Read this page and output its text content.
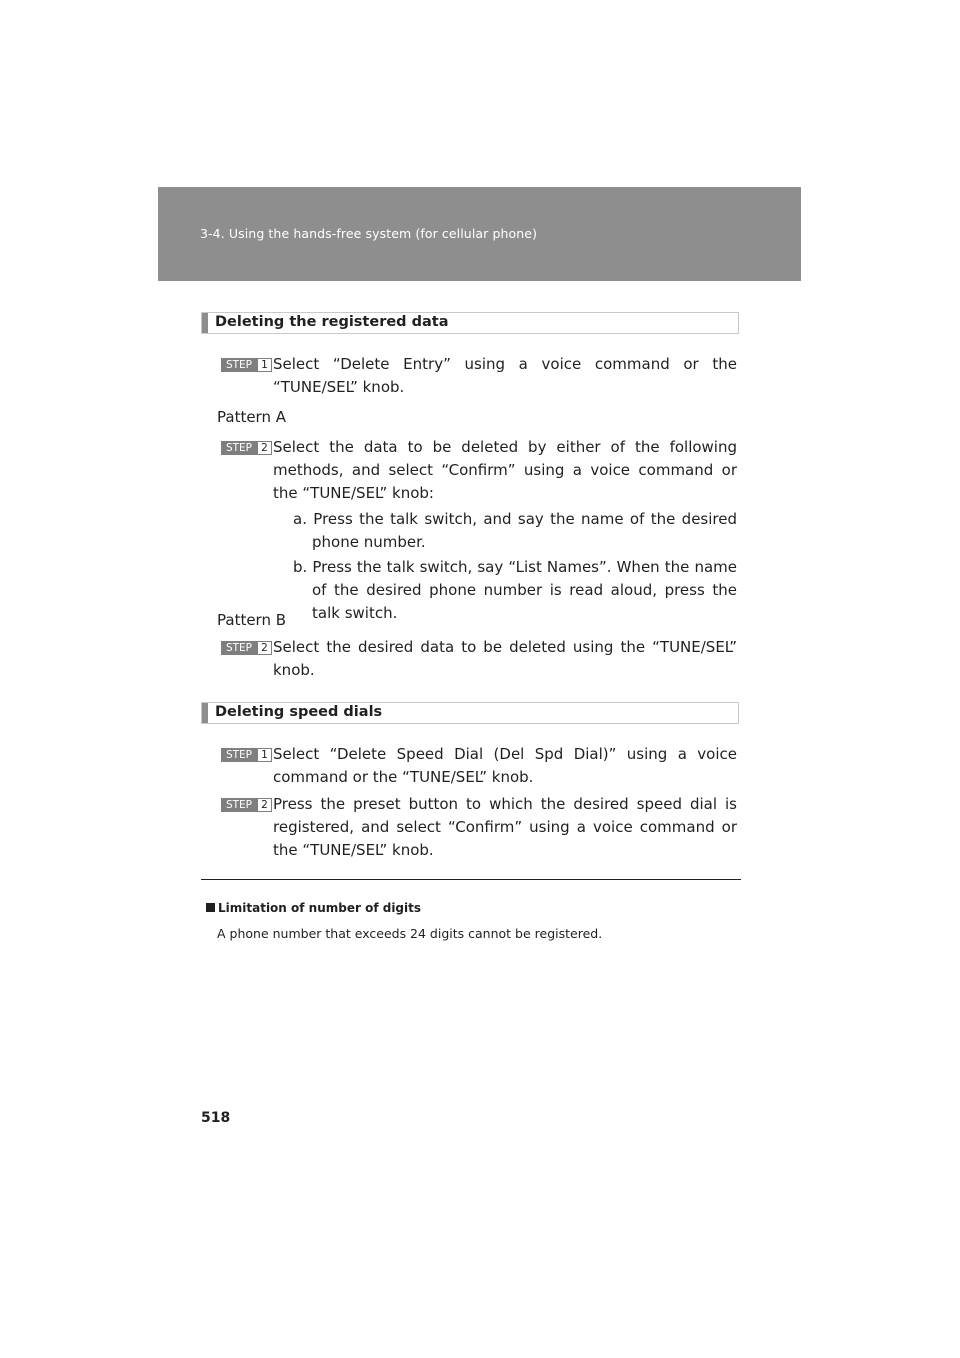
3-4. Using the hands-free system (for cellular phone)
Deleting the registered data
STEP 1 Select “Delete Entry” using a voice command or the “TUNE/SEL” knob.

Pattern A
STEP 2 Select the data to be deleted by either of the following methods, and select “Confirm” using a voice command or the “TUNE/SEL” knob:

a. Press the talk switch, and say the name of the desired phone number.

b. Press the talk switch, say “List Names”. When the name of the desired phone number is read aloud, press the talk switch.

Pattern B
STEP 2 Select the desired data to be deleted using the “TUNE/SEL” knob.

Deleting speed dials
STEP 1 Select “Delete Speed Dial (Del Spd Dial)” using a voice command or the “TUNE/SEL” knob.

STEP 2 Press the preset button to which the desired speed dial is registered, and select “Confirm” using a voice command or the “TUNE/SEL” knob.

Limitation of number of digits
A phone number that exceeds 24 digits cannot be registered.
518
